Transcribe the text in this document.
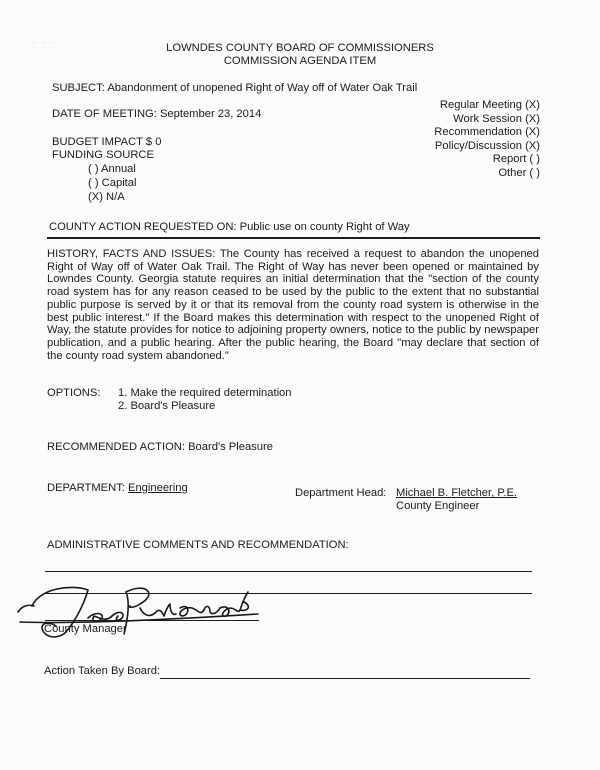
· · ·	LOWNDES COUNTY BOARD OF COMMISSIONERS
COMMISSION AGENDA ITEM
SUBJECT: Abandonment of unopened Right of Way off of Water Oak Trail
DATE OF MEETING: September 23, 2014
Regular Meeting (X)
Work Session (X)
Recommendation (X)
Policy/Discussion (X)
Report ( )
Other ( )
BUDGET IMPACT $ 0
FUNDING SOURCE
( ) Annual
( ) Capital
(X) N/A
COUNTY ACTION REQUESTED ON: Public use on county Right of Way
HISTORY, FACTS AND ISSUES: The County has received a request to abandon the unopened Right of Way off of Water Oak Trail. The Right of Way has never been opened or maintained by Lowndes County. Georgia statute requires an initial determination that the "section of the county road system has for any reason ceased to be used by the public to the extent that no substantial public purpose is served by it or that its removal from the county road system is otherwise in the best public interest." If the Board makes this determination with respect to the unopened Right of Way, the statute provides for notice to adjoining property owners, notice to the public by newspaper publication, and a public hearing. After the public hearing, the Board "may declare that section of the county road system abandoned."
OPTIONS: 1. Make the required determination
2. Board's Pleasure
RECOMMENDED ACTION: Board's Pleasure
DEPARTMENT: Engineering	Department Head: Michael B. Fletcher, P.E.
County Engineer
ADMINISTRATIVE COMMENTS AND RECOMMENDATION:
County Manager
Action Taken By Board:
